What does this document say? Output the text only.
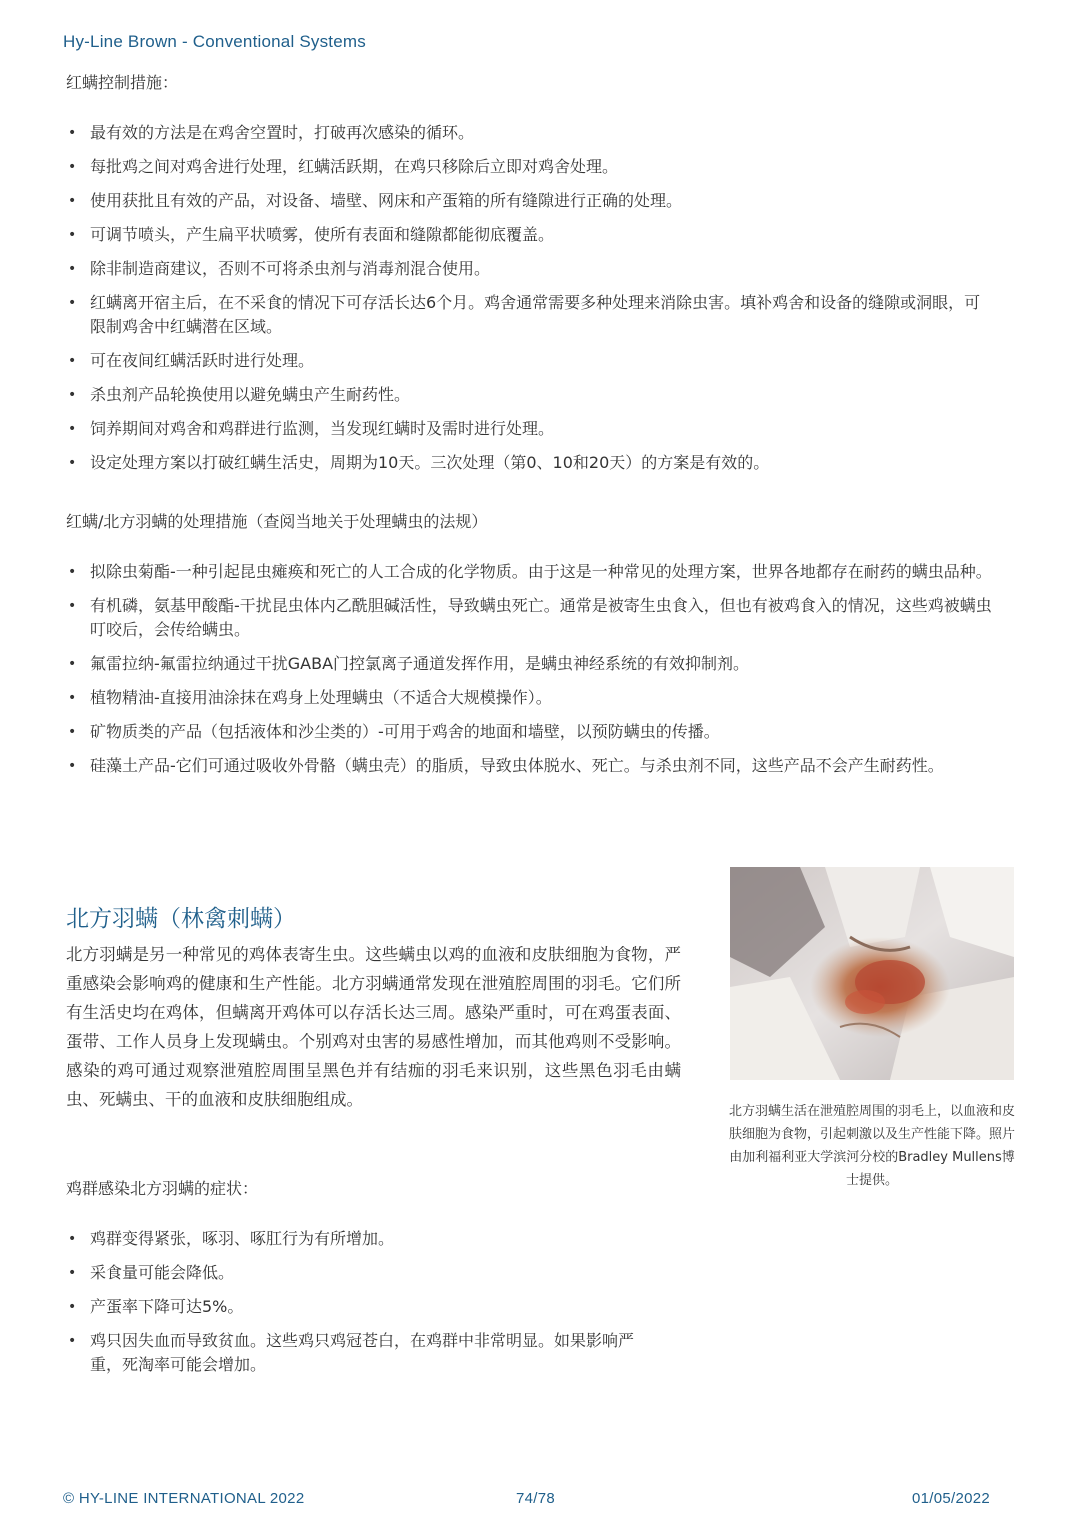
Hy-Line Brown - Conventional Systems
红螨控制措施：
• 最有效的方法是在鸡舍空置时，打破再次感染的循环。
• 每批鸡之间对鸡舍进行处理，红螨活跃期，在鸡只移除后立即对鸡舍处理。
• 使用获批且有效的产品，对设备、墙壁、网床和产蛋箱的所有缝隙进行正确的处理。
• 可调节喷头，产生扁平状喷雾，使所有表面和缝隙都能彻底覆盖。
• 除非制造商建议，否则不可将杀虫剂与消毒剂混合使用。
• 红螨离开宿主后，在不采食的情况下可存活长达6个月。鸡舍通常需要多种处理来消除虫害。填补鸡舍和设备的缝隙或洞眼，可限制鸡舍中红螨潜在区域。
• 可在夜间红螨活跃时进行处理。
• 杀虫剂产品轮换使用以避免螨虫产生耐药性。
• 饲养期间对鸡舍和鸡群进行监测，当发现红螨时及需时进行处理。
• 设定处理方案以打破红螨生活史，周期为10天。三次处理（第0、10和20天）的方案是有效的。
红螨/北方羽螨的处理措施（查阅当地关于处理螨虫的法规）
• 拟除虫菊酯-一种引起昆虫瘫痪和死亡的人工合成的化学物质。由于这是一种常见的处理方案，世界各地都存在耐药的螨虫品种。
• 有机磷，氨基甲酸酯-干扰昆虫体内乙酰胆碱活性，导致螨虫死亡。通常是被寄生虫食入，但也有被鸡食入的情况，这些鸡被螨虫叮咬后，会传给螨虫。
• 氟雷拉纳-氟雷拉纳通过干扰GABA门控氯离子通道发挥作用，是螨虫神经系统的有效抑制剂。
• 植物精油-直接用油涂抹在鸡身上处理螨虫（不适合大规模操作）。
• 矿物质类的产品（包括液体和沙尘类的）-可用于鸡舍的地面和墙壁，以预防螨虫的传播。
• 硅藻土产品-它们可通过吸收外骨骼（螨虫壳）的脂质，导致虫体脱水、死亡。与杀虫剂不同，这些产品不会产生耐药性。
北方羽螨（林禽刺螨）
北方羽螨是另一种常见的鸡体表寄生虫。这些螨虫以鸡的血液和皮肤细胞为食物，严重感染会影响鸡的健康和生产性能。北方羽螨通常发现在泄殖腔周围的羽毛。它们所有生活史均在鸡体，但螨离开鸡体可以存活长达三周。感染严重时，可在鸡蛋表面、蛋带、工作人员身上发现螨虫。个别鸡对虫害的易感性增加，而其他鸡则不受影响。感染的鸡可通过观察泄殖腔周围呈黑色并有结痂的羽毛来识别，这些黑色羽毛由螨虫、死螨虫、干的血液和皮肤细胞组成。
北方羽螨生活在泄殖腔周围的羽毛上，以血液和皮肤细胞为食物，引起刺激以及生产性能下降。照片由加利福利亚大学滨河分校的Bradley Mullens博士提供。
鸡群感染北方羽螨的症状：
• 鸡群变得紧张，啄羽、啄肛行为有所增加。
• 采食量可能会降低。
• 产蛋率下降可达5%。
• 鸡只因失血而导致贫血。这些鸡只鸡冠苍白，在鸡群中非常明显。如果影响严重，死淘率可能会增加。
© HY-LINE INTERNATIONAL 2022	74/78	01/05/2022
